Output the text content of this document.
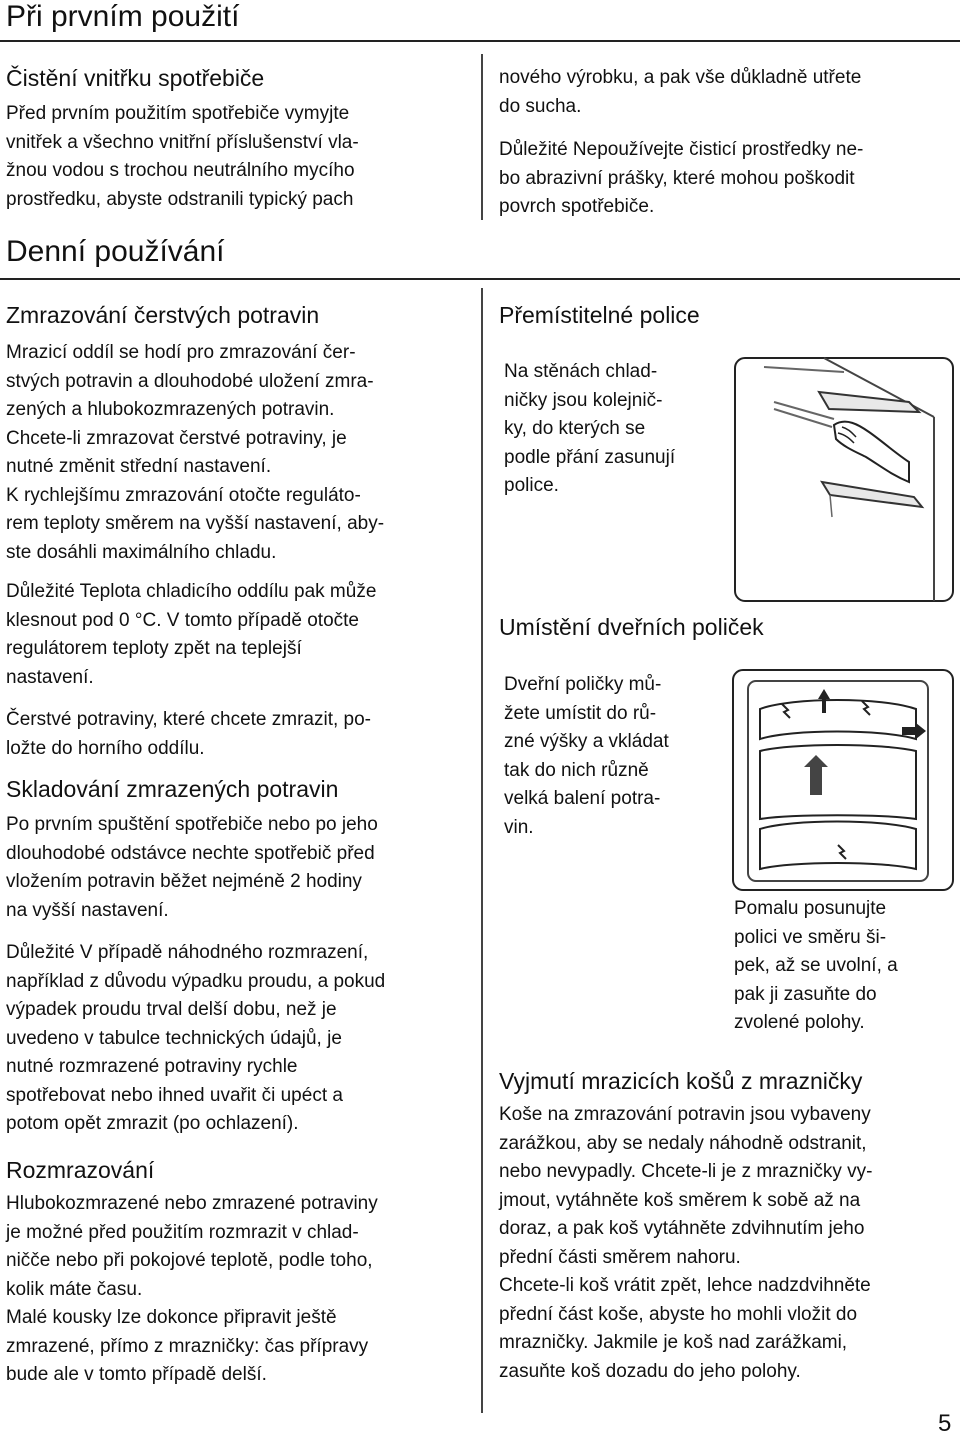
Při prvním použití
Čistění vnitřku spotřebiče

Před prvním použitím spotřebiče vymyjte
vnitřek a všechno vnitřní příslušenství vla-
žnou vodou s trochou neutrálního mycího
prostředku, abyste odstranili typický pach

Denní používání
Zmrazování čerstvých potravin

Mrazicí oddíl se hodí pro zmrazování čer-
stvých potravin a dlouhodobé uložení zmra-
zených a hlubokozmrazených potravin.
Chcete-li zmrazovat čerstvé potraviny, je
nutné změnit střední nastavení.
K rychlejšímu zmrazování otočte reguláto-
rem teploty směrem na vyšší nastavení, aby-
ste dosáhli maximálního chladu.

Důležité Teplota chladicího oddílu pak může
klesnout pod 0 °C. V tomto případě otočte
regulátorem teploty zpět na teplejší
nastavení.

Čerstvé potraviny, které chcete zmrazit, po-
ložte do horního oddílu.

Skladování zmrazených potravin

Po prvním spuštění spotřebiče nebo po jeho
dlouhodobé odstávce nechte spotřebič před
vložením potravin běžet nejméně 2 hodiny
na vyšší nastavení.

Důležité V případě náhodného rozmrazení,
například z důvodu výpadku proudu, a pokud
výpadek proudu trval delší dobu, než je
uvedeno v tabulce technických údajů, je
nutné rozmrazené potraviny rychle
spotřebovat nebo ihned uvařit či upéct a
potom opět zmrazit (po ochlazení).

Rozmrazování

Hlubokozmrazené nebo zmrazené potraviny
je možné před použitím rozmrazit v chlad-
ničče nebo při pokojové teplotě, podle toho,
kolik máte času.
Malé kousky lze dokonce připravit ještě
zmrazené, přímo z mrazničky: čas přípravy
bude ale v tomto případě delší.

nového výrobku, a pak vše důkladně utřete
do sucha.

Důležité Nepoužívejte čisticí prostředky ne-
bo abrazivní prášky, které mohou poškodit
povrch spotřebiče.

Přemístitelné police

Na stěnách chlad-
ničky jsou kolejnič-
ky, do kterých se
podle přání zasunují
police.

Umístění dveřních poliček

Dveřní poličky mů-
žete umístit do rů-
zné výšky a vkládat
tak do nich různě
velká balení potra-
vin.

Pomalu posunujte
polici ve směru ši-
pek, až se uvolní, a
pak ji zasuňte do
zvolené polohy.

Vyjmutí mrazicích košů z mrazničky

Koše na zmrazování potravin jsou vybaveny
zarážkou, aby se nedaly náhodně odstranit,
nebo nevypadly. Chcete-li je z mrazničky vy-
jmout, vytáhněte koš směrem k sobě až na
doraz, a pak koš vytáhněte zdvihnutím jeho
přední části směrem nahoru.
Chcete-li koš vrátit zpět, lehce nadzdvihněte
přední část koše, abyste ho mohli vložit do
mrazničky. Jakmile je koš nad zarážkami,
zasuňte koš dozadu do jeho polohy.

5
